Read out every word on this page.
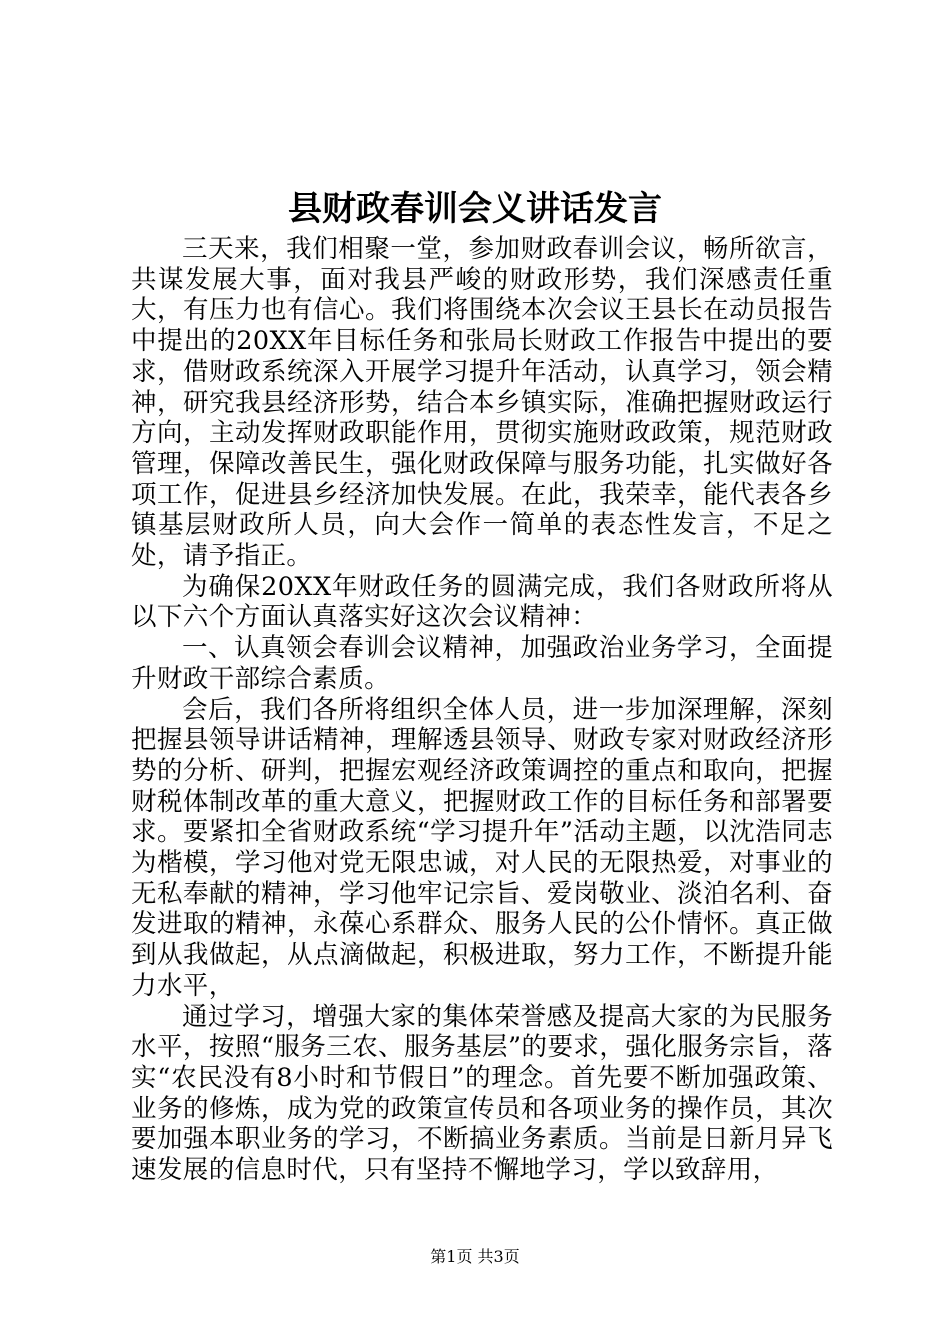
县财政春训会义讲话发言

三天来，我们相聚一堂，参加财政春训会议，畅所欲言，共谋发展大事，面对我县严峻的财政形势，我们深感责任重大，有压力也有信心。我们将围绕本次会议王县长在动员报告中提出的20XX年目标任务和张局长财政工作报告中提出的要求，借财政系统深入开展学习提升年活动，认真学习，领会精神，研究我县经济形势，结合本乡镇实际，准确把握财政运行方向，主动发挥财政职能作用，贯彻实施财政政策，规范财政管理，保障改善民生，强化财政保障与服务功能，扎实做好各项工作，促进县乡经济加快发展。在此，我荣幸，能代表各乡镇基层财政所人员，向大会作一简单的表态性发言，不足之处，请予指正。

为确保20XX年财政任务的圆满完成，我们各财政所将从以下六个方面认真落实好这次会议精神：

一、认真领会春训会议精神，加强政治业务学习，全面提升财政干部综合素质。

会后，我们各所将组织全体人员，进一步加深理解，深刻把握县领导讲话精神，理解透县领导、财政专家对财政经济形势的分析、研判，把握宏观经济政策调控的重点和取向，把握财税体制改革的重大意义，把握财政工作的目标任务和部署要求。要紧扣全省财政系统“学习提升年”活动主题，以沈浩同志为楷模，学习他对党无限忠诚，对人民的无限热爱，对事业的无私奉献的精神，学习他牢记宗旨、爱岗敬业、淡泊名利、奋发进取的精神，永葆心系群众、服务人民的公仆情怀。真正做到从我做起，从点滴做起，积极进取，努力工作，不断提升能力水平，

通过学习，增强大家的集体荣誉感及提高大家的为民服务水平，按照“服务三农、服务基层”的要求，强化服务宗旨，落实“农民没有8小时和节假日”的理念。首先要不断加强政策、业务的修炼，成为党的政策宣传员和各项业务的操作员，其次要加强本职业务的学习，不断搞业务素质。当前是日新月异飞速发展的信息时代，只有坚持不懈地学习，学以致辞用，

第1页 共3页
